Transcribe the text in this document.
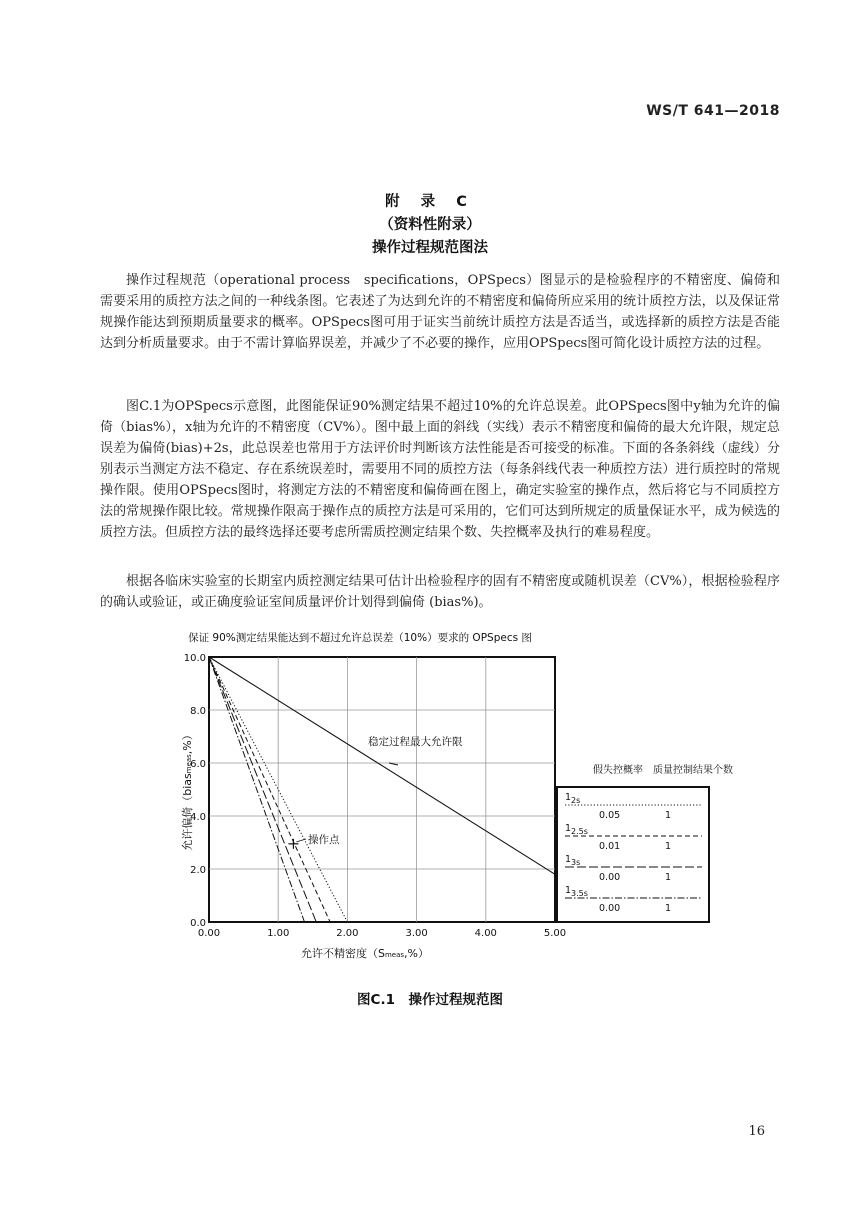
WS/T 641—2018
附 录 C
（资料性附录）
操作过程规范图法

操作过程规范（operational process　specifications，OPSpecs）图显示的是检验程序的不精密度、偏倚和需要采用的质控方法之间的一种线条图。它表述了为达到允许的不精密度和偏倚所应采用的统计质控方法，以及保证常规操作能达到预期质量要求的概率。OPSpecs图可用于证实当前统计质控方法是否适当，或选择新的质控方法是否能达到分析质量要求。由于不需计算临界误差，并减少了不必要的操作，应用OPSpecs图可简化设计质控方法的过程。

图C.1为OPSpecs示意图，此图能保证90%测定结果不超过10%的允许总误差。此OPSpecs图中y轴为允许的偏倚（bias%），x轴为允许的不精密度（CV%）。图中最上面的斜线（实线）表示不精密度和偏倚的最大允许限，规定总误差为偏倚(bias)+2s，此总误差也常用于方法评价时判断该方法性能是否可接受的标准。下面的各条斜线（虚线）分别表示当测定方法不稳定、存在系统误差时，需要用不同的质控方法（每条斜线代表一种质控方法）进行质控时的常规操作限。使用OPSpecs图时，将测定方法的不精密度和偏倚画在图上，确定实验室的操作点，然后将它与不同质控方法的常规操作限比较。常规操作限高于操作点的质控方法是可采用的，它们可达到所规定的质量保证水平，成为候选的质控方法。但质控方法的最终选择还要考虑所需质控测定结果个数、失控概率及执行的难易程度。

根据各临床实验室的长期室内质控测定结果可估计出检验程序的固有不精密度或随机误差（CV%），根据检验程序的确认或验证，或正确度验证室间质量评价计划得到偏倚 (bias%)。

保证 90%测定结果能达到不超过允许总误差（10%）要求的 OPSpecs 图
0.00	1.00	2.00	3.00	4.00	5.00
0.0
2.0
4.0
6.0
8.0
10.0
稳定过程最大允许限
操作点
允许不精密度（Smeas,%）
允许偏倚（biasmeas,%）
假失控概率　质量控制结果个数
$1_{2s}$
0.05	1
$1_{2.5s}$
0.01	1
$1_{3s}$
0.00	1
$1_{3.5s}$
0.00	1
图C.1　操作过程规范图
16
